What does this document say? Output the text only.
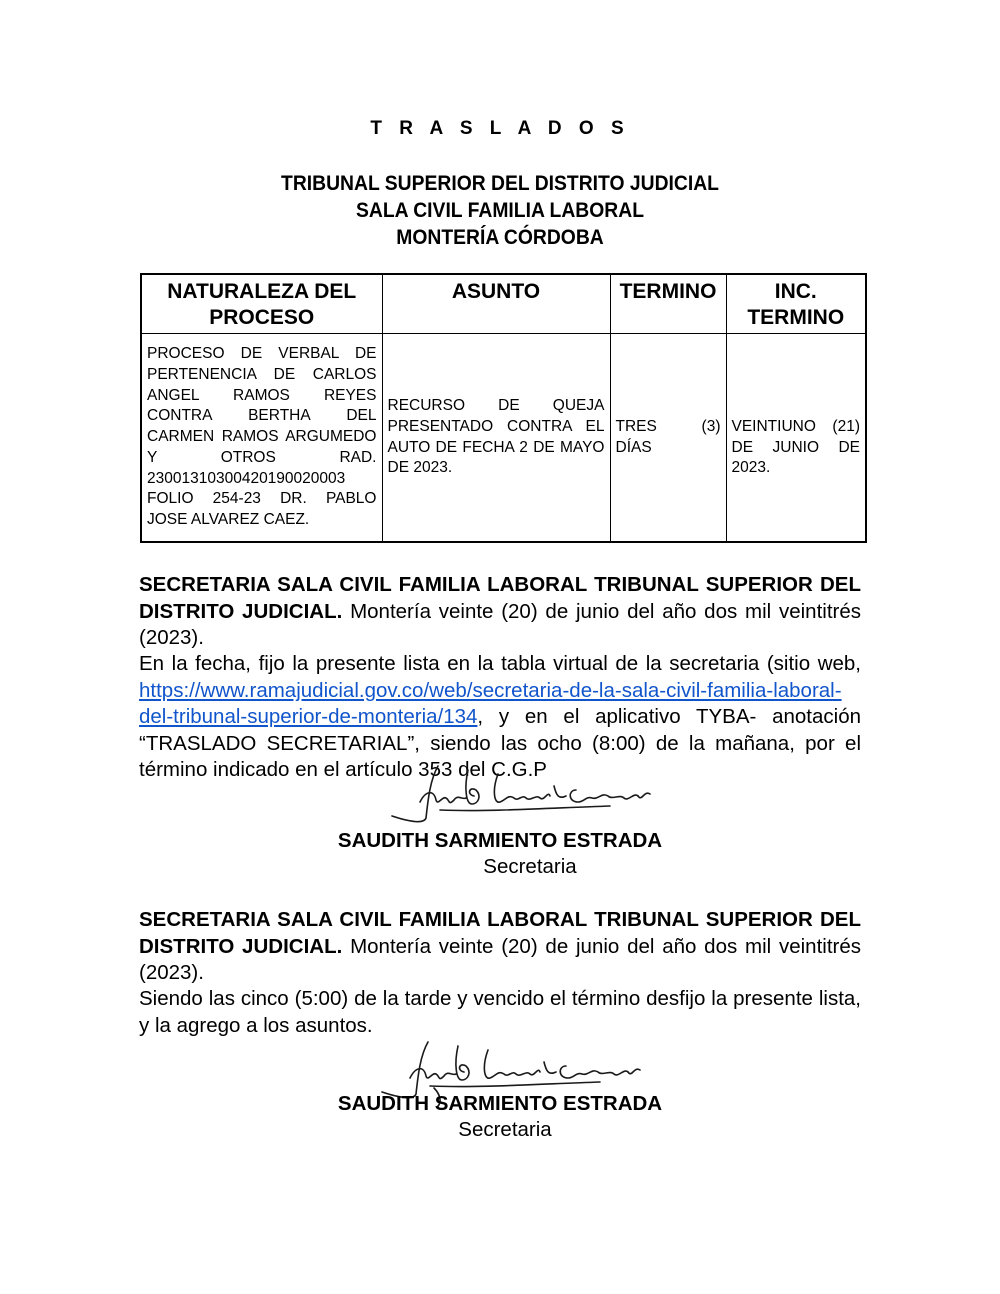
T R A S L A D O S
TRIBUNAL SUPERIOR DEL DISTRITO JUDICIAL
SALA CIVIL FAMILIA LABORAL
MONTERÍA CÓRDOBA
NATURALEZA DEL PROCESO	ASUNTO	TERMINO	INC. TERMINO
PROCESO DE VERBAL DE PERTENENCIA DE CARLOS ANGEL RAMOS REYES CONTRA BERTHA DEL CARMEN RAMOS ARGUMEDO Y OTROS RAD. 23001310300420190020003 FOLIO 254-23 DR. PABLO JOSE ALVAREZ CAEZ.	RECURSO DE QUEJA PRESENTADO CONTRA EL AUTO DE FECHA 2 DE MAYO DE 2023.	TRES (3) DÍAS	VEINTIUNO (21) DE JUNIO DE 2023.
SECRETARIA SALA CIVIL FAMILIA LABORAL TRIBUNAL SUPERIOR DEL DISTRITO JUDICIAL. Montería veinte (20) de junio del año dos mil veintitrés (2023).
En la fecha, fijo la presente lista en la tabla virtual de la secretaria (sitio web, https://www.ramajudicial.gov.co/web/secretaria-de-la-sala-civil-familia-laboral-del-tribunal-superior-de-monteria/134, y en el aplicativo TYBA- anotación “TRASLADO SECRETARIAL”, siendo las ocho (8:00) de la mañana, por el término indicado en el artículo 353 del C.G.P
SAUDITH SARMIENTO ESTRADA
Secretaria
SECRETARIA SALA CIVIL FAMILIA LABORAL TRIBUNAL SUPERIOR DEL DISTRITO JUDICIAL. Montería veinte (20) de junio del año dos mil veintitrés (2023).
Siendo las cinco (5:00) de la tarde y vencido el término desfijo la presente lista, y la agrego a los asuntos.
SAUDITH SARMIENTO ESTRADA
Secretaria
